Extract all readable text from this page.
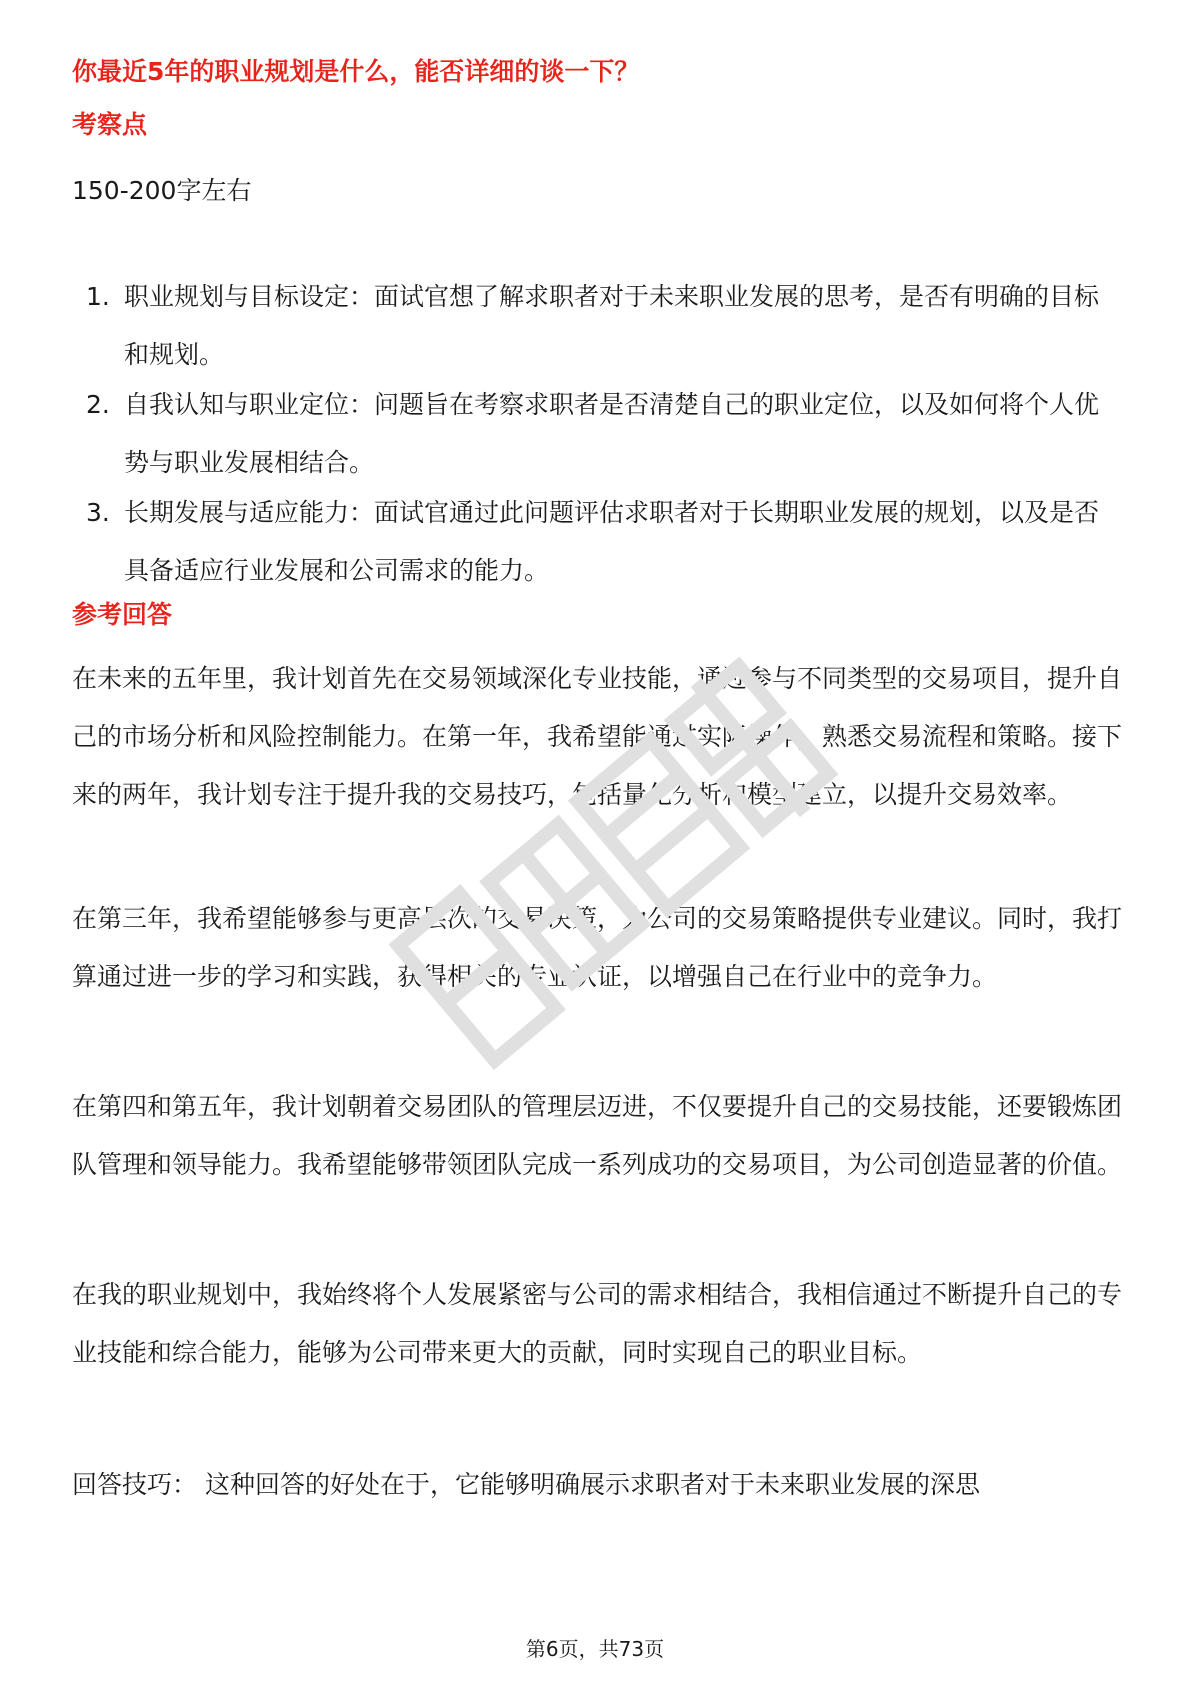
你最近5年的职业规划是什么，能否详细的谈一下？
考察点
150-200字左右
1. 职业规划与目标设定：面试官想了解求职者对于未来职业发展的思考，是否有明确的目标和规划。
2. 自我认知与职业定位：问题旨在考察求职者是否清楚自己的职业定位，以及如何将个人优势与职业发展相结合。
3. 长期发展与适应能力：面试官通过此问题评估求职者对于长期职业发展的规划，以及是否具备适应行业发展和公司需求的能力。
参考回答

在未来的五年里，我计划首先在交易领域深化专业技能，通过参与不同类型的交易项目，提升自己的市场分析和风险控制能力。在第一年，我希望能通过实际操作，熟悉交易流程和策略。接下来的两年，我计划专注于提升我的交易技巧，包括量化分析和模型建立，以提升交易效率。

在第三年，我希望能够参与更高层次的交易决策，为公司的交易策略提供专业建议。同时，我打算通过进一步的学习和实践，获得相关的专业认证，以增强自己在行业中的竞争力。

在第四和第五年，我计划朝着交易团队的管理层迈进，不仅要提升自己的交易技能，还要锻炼团队管理和领导能力。我希望能够带领团队完成一系列成功的交易项目，为公司创造显著的价值。

在我的职业规划中，我始终将个人发展紧密与公司的需求相结合，我相信通过不断提升自己的专业技能和综合能力，能够为公司带来更大的贡献，同时实现自己的职业目标。

回答技巧： 这种回答的好处在于，它能够明确展示求职者对于未来职业发展的深思
第6页，共73页
